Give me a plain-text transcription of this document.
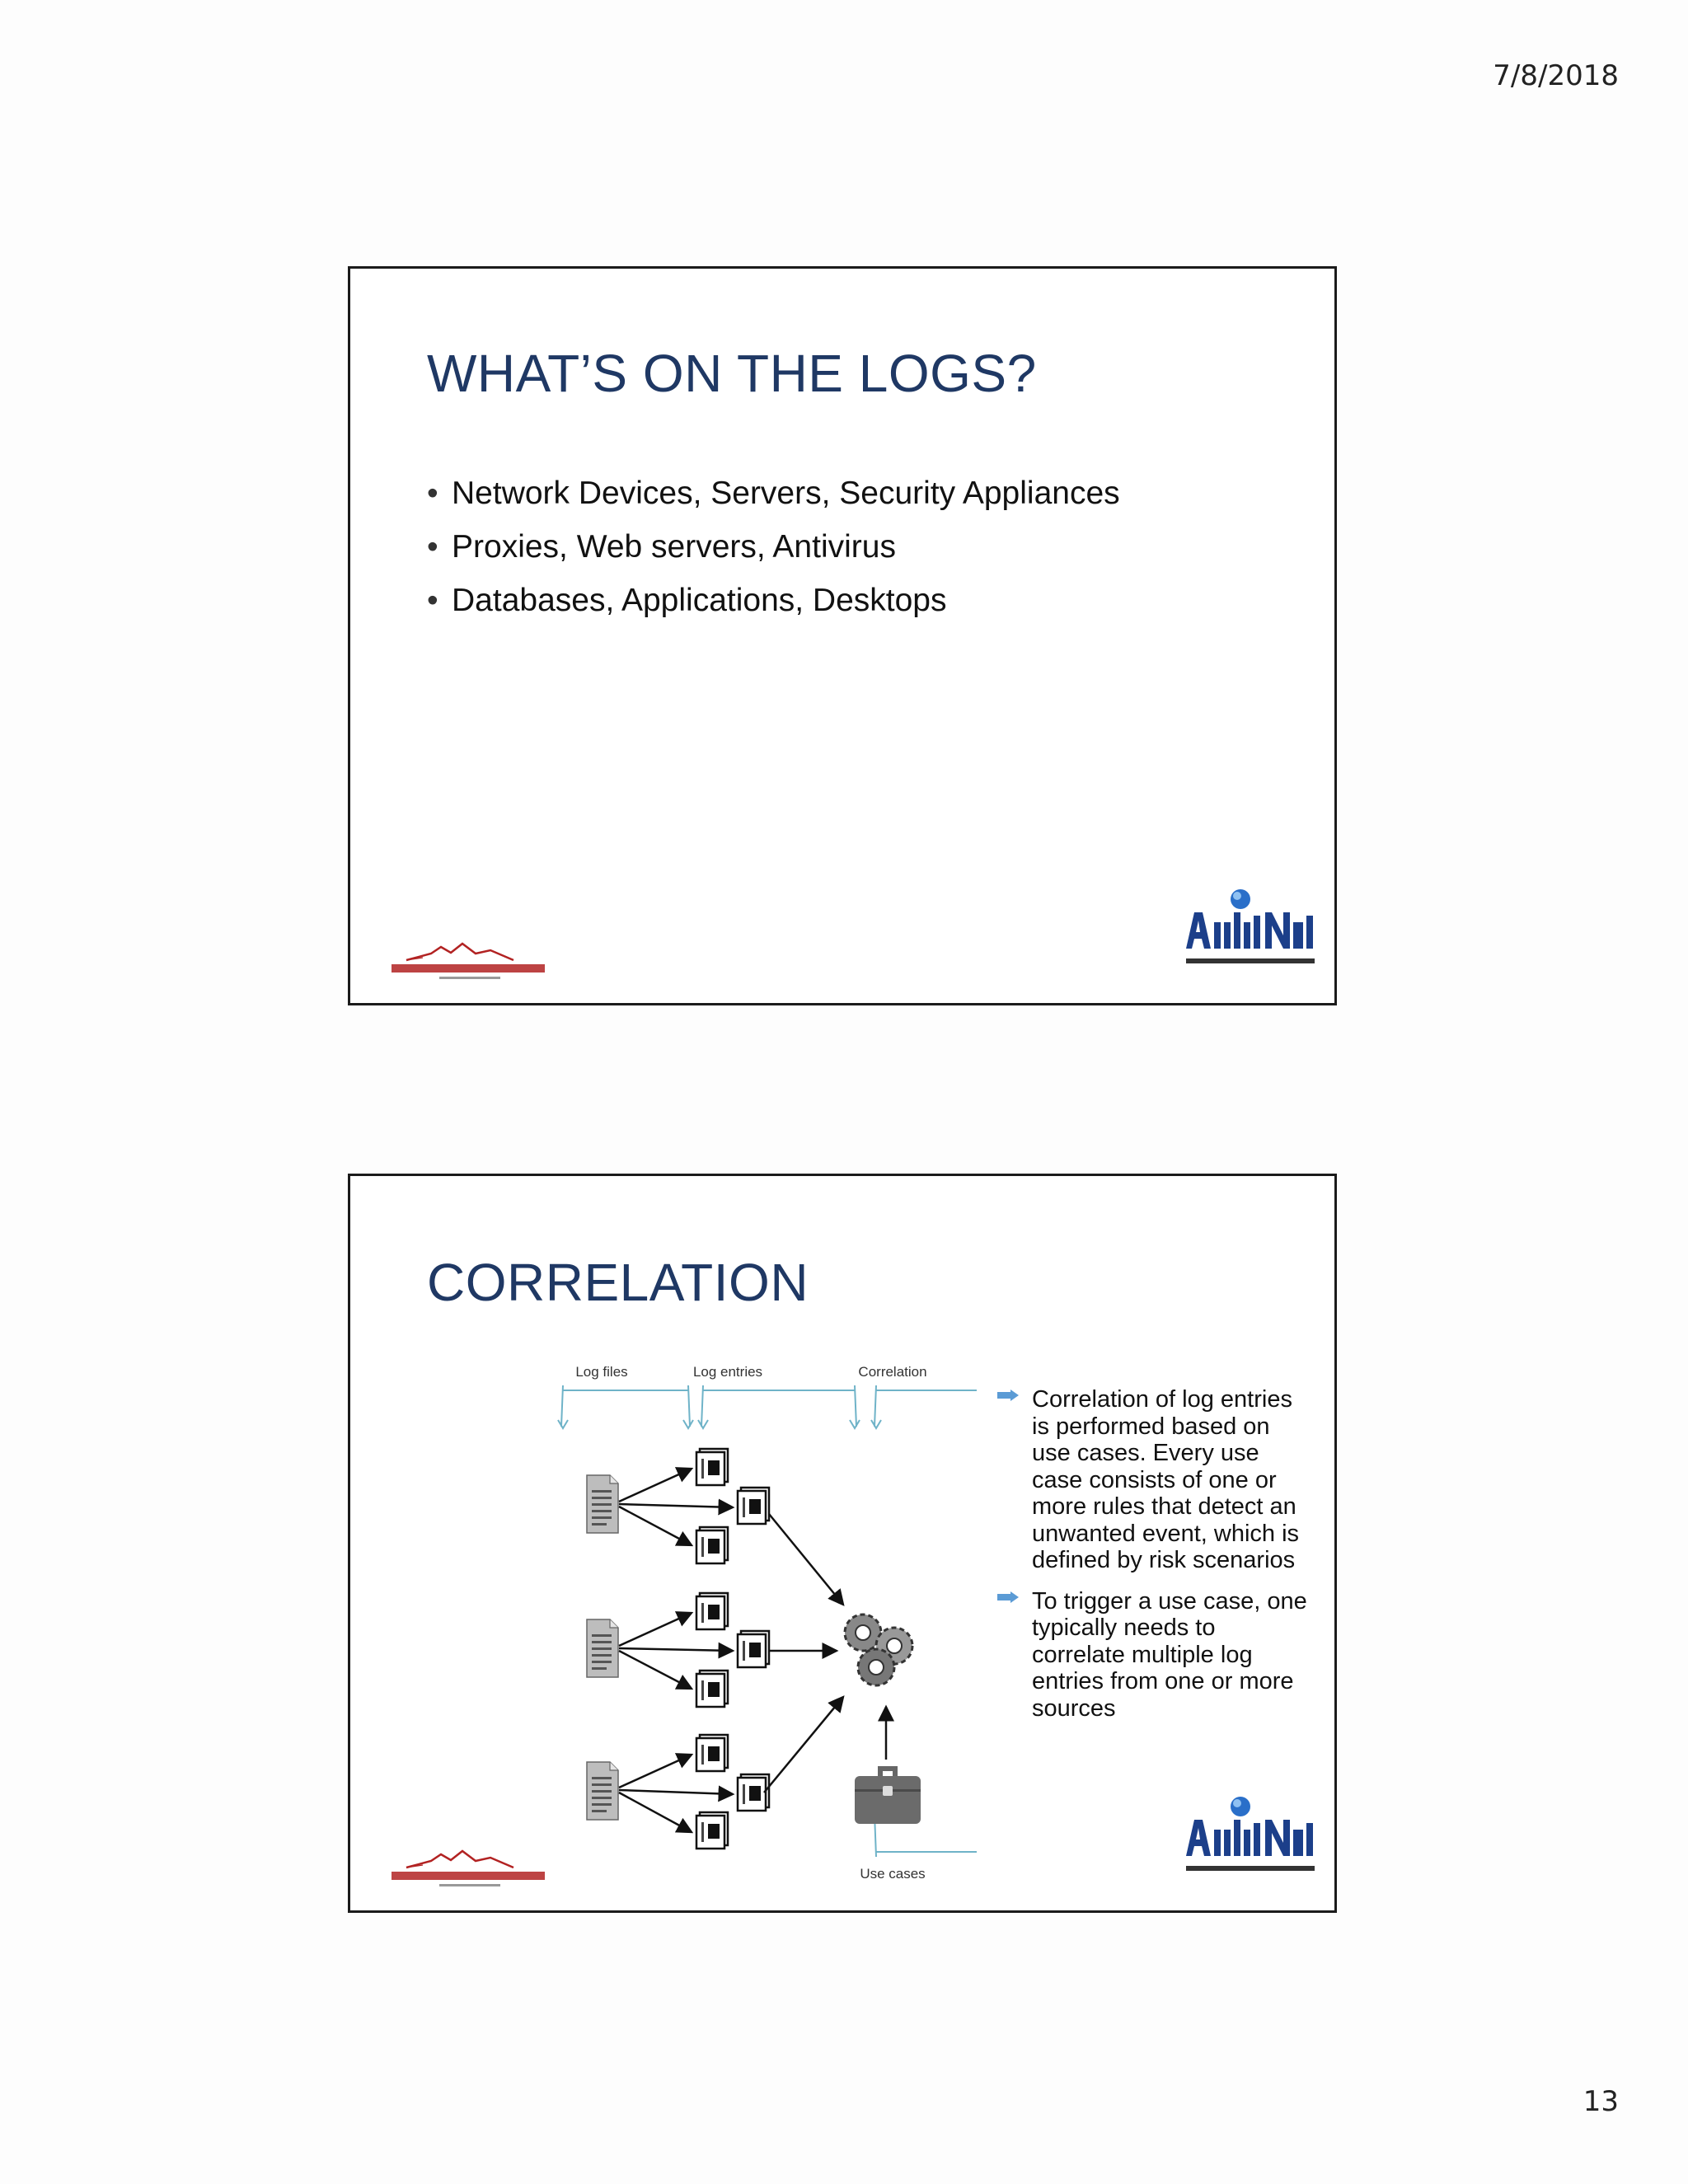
7/8/2018
WHAT’S ON THE LOGS?
• Network Devices, Servers, Security Appliances
• Proxies, Web servers, Antivirus
• Databases, Applications, Desktops
CORRELATION
Log files	Log entries	Correlation
Use cases
Correlation of log entries is performed based on use cases. Every use case consists of one or more rules that detect an unwanted event, which is defined by risk scenarios
To trigger a use case, one typically needs to correlate multiple log entries from one or more sources
13
